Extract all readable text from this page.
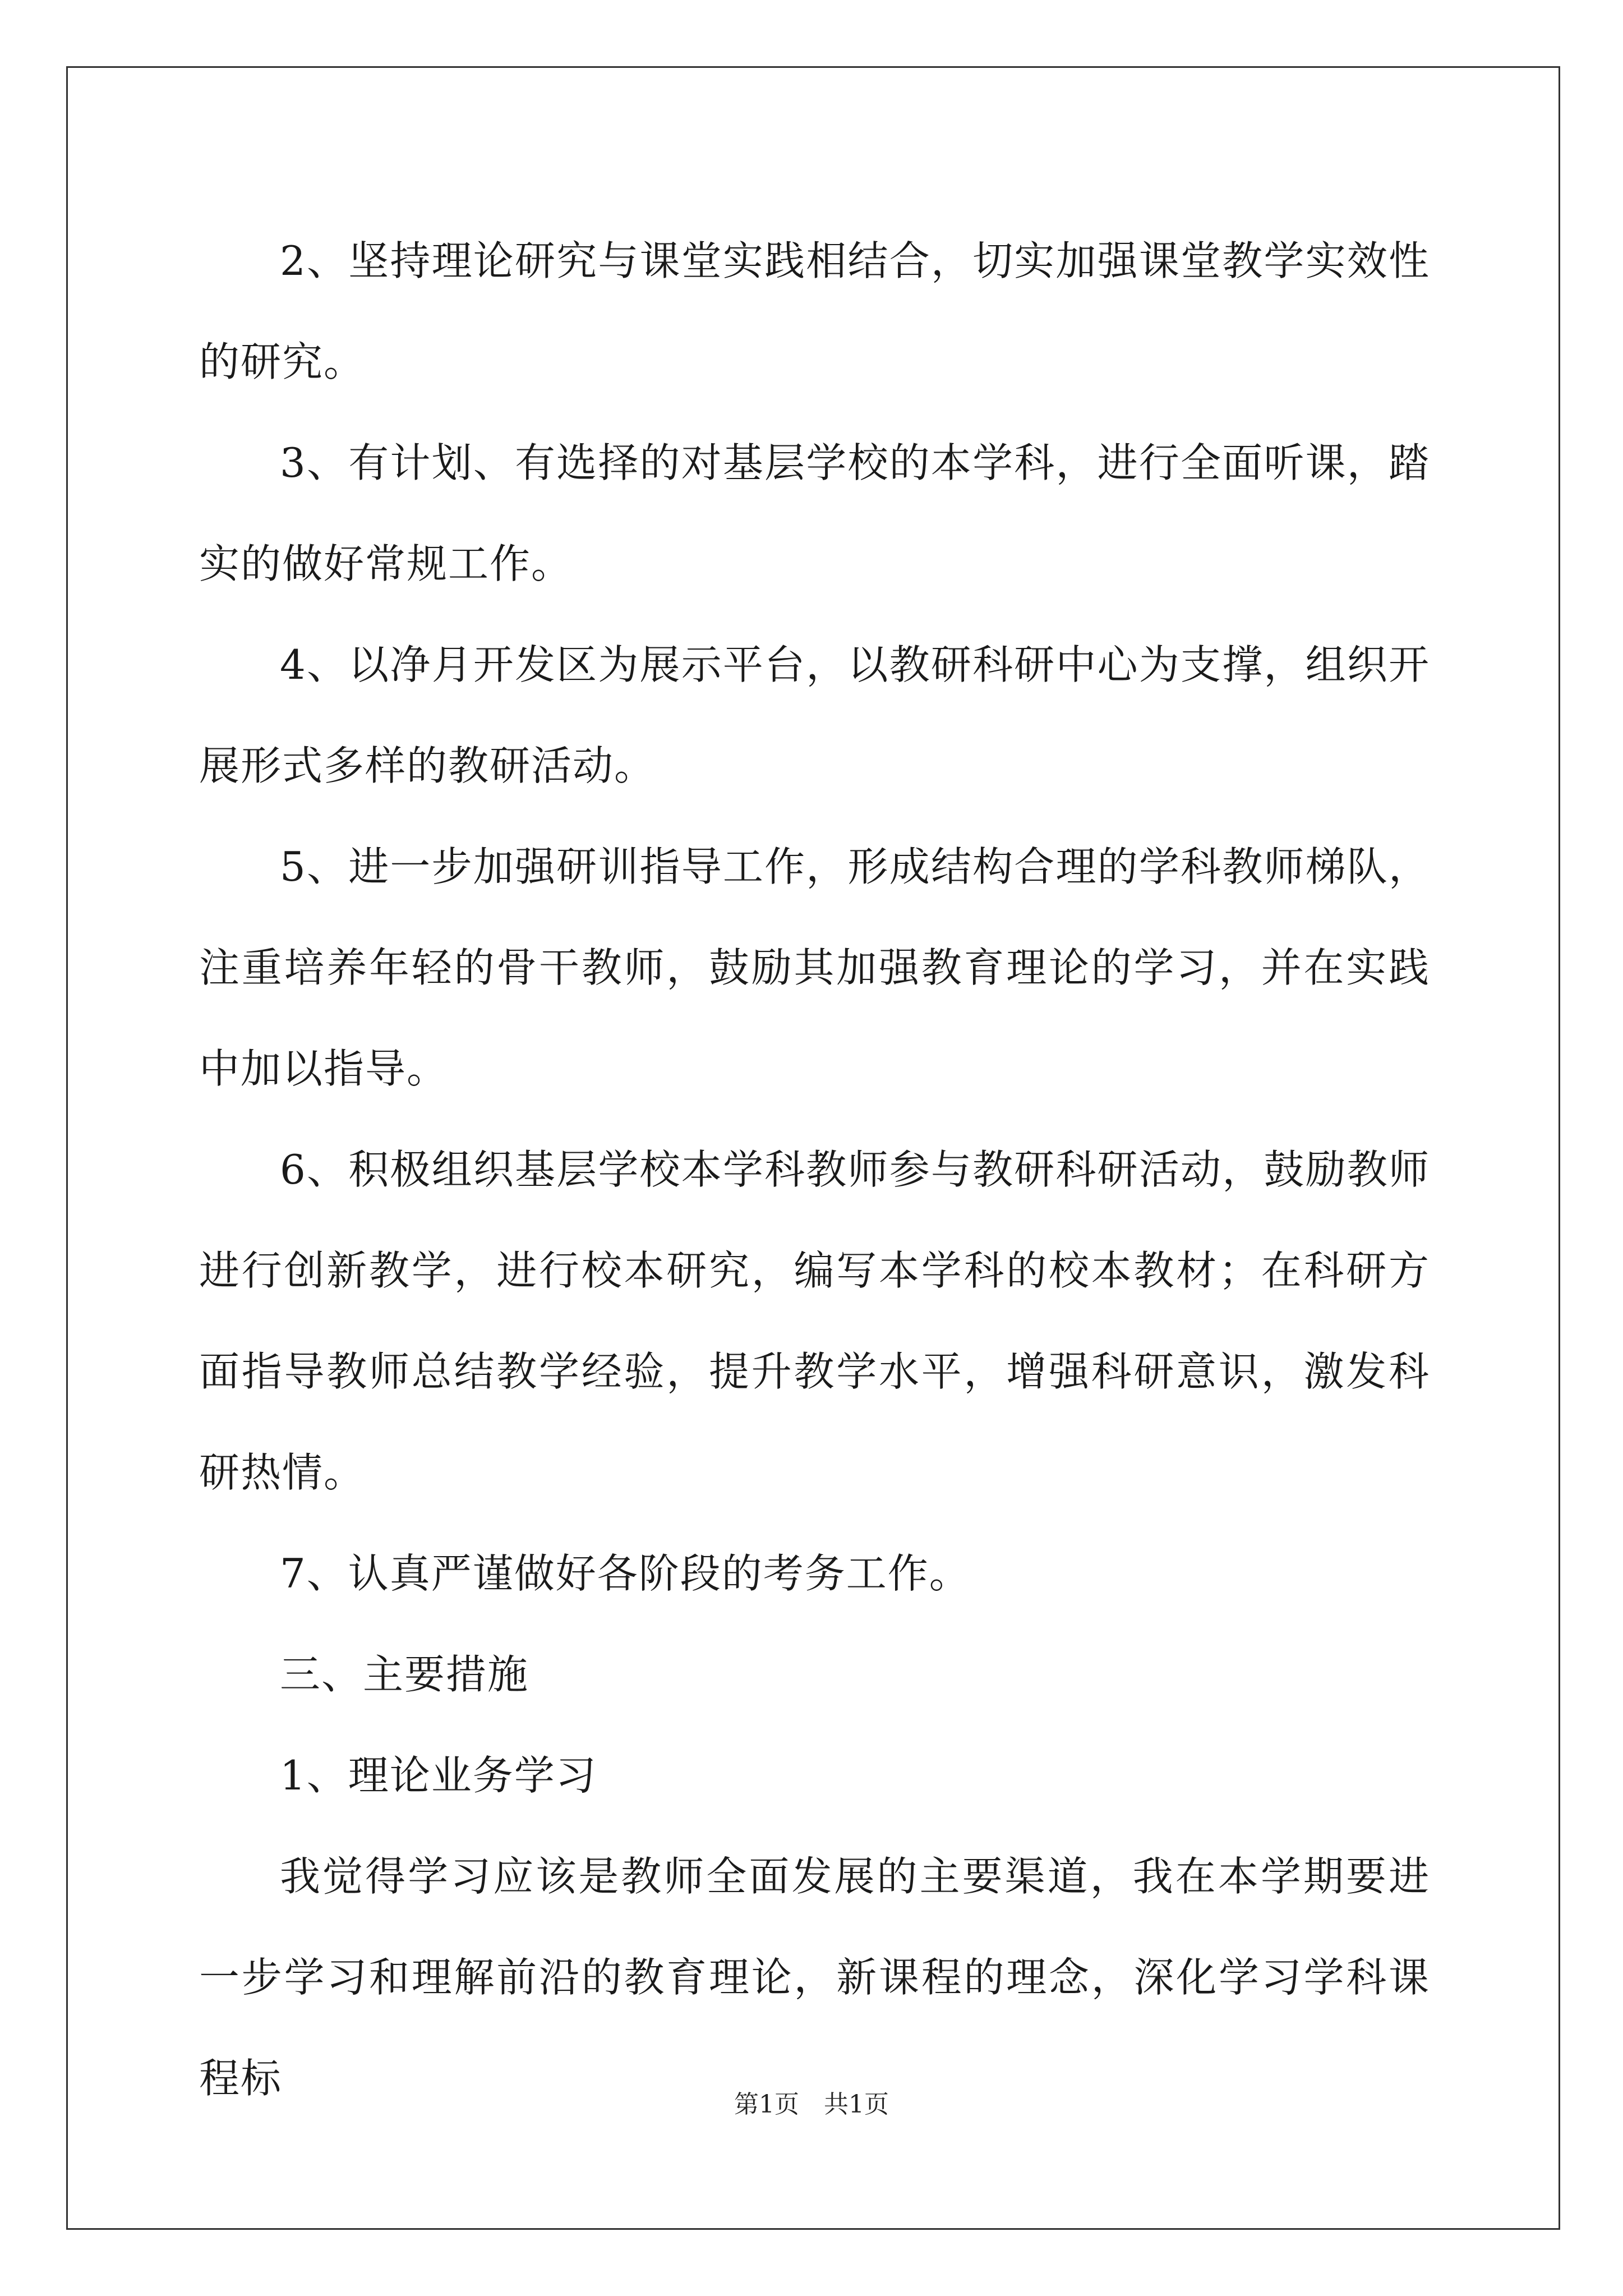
2、坚持理论研究与课堂实践相结合，切实加强课堂教学实效性的研究。

3、有计划、有选择的对基层学校的本学科，进行全面听课，踏实的做好常规工作。

4、以净月开发区为展示平台，以教研科研中心为支撑，组织开展形式多样的教研活动。

5、进一步加强研训指导工作，形成结构合理的学科教师梯队，注重培养年轻的骨干教师，鼓励其加强教育理论的学习，并在实践中加以指导。

6、积极组织基层学校本学科教师参与教研科研活动，鼓励教师进行创新教学，进行校本研究，编写本学科的校本教材；在科研方面指导教师总结教学经验，提升教学水平，增强科研意识，激发科研热情。

7、认真严谨做好各阶段的考务工作。

三、主要措施

1、理论业务学习

我觉得学习应该是教师全面发展的主要渠道，我在本学期要进一步学习和理解前沿的教育理论，新课程的理念，深化学习学科课程标

第1页 共1页
